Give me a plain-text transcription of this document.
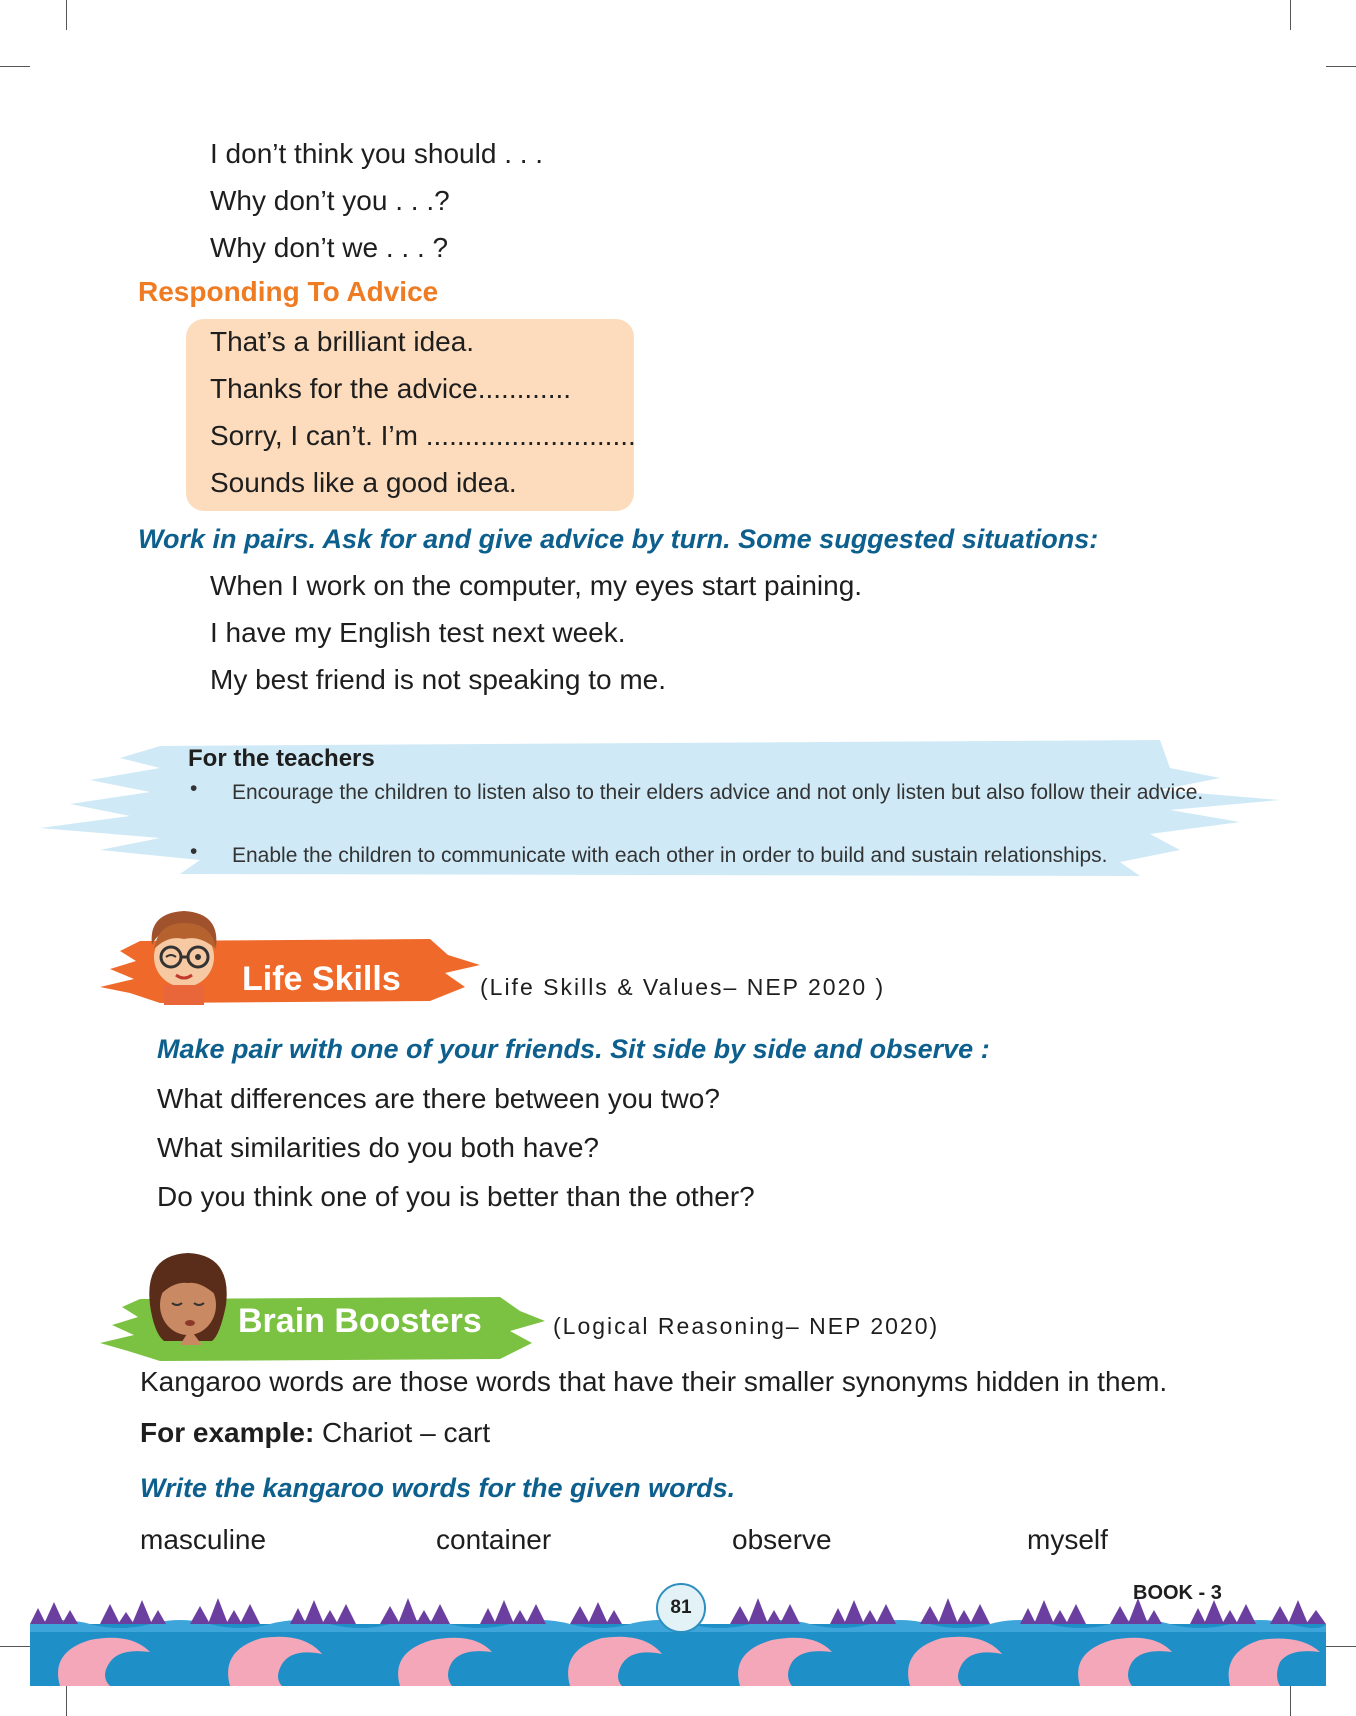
I don’t think you should . . .
Why don’t you . . .?
Why don’t we . . . ?
Responding To Advice
That’s a brilliant idea.
Thanks for the advice............
Sorry, I can’t. I’m ...........................
Sounds like a good idea.
Work in pairs. Ask for and give advice by turn. Some suggested situations:
When I work on the computer, my eyes start paining.
I have my English test next week.
My best friend is not speaking to me.
For the teachers
• Encourage the children to listen also to their elders advice and not only listen but also follow their advice.
• Enable the children to communicate with each other in order to build and sustain relationships.
Life Skills	(Life Skills & Values– NEP 2020 )
Make pair with one of your friends. Sit side by side and observe :
What differences are there between you two?
What similarities do you both have?
Do you think one of you is better than the other?
Brain Boosters	(Logical Reasoning– NEP 2020)
Kangaroo words are those words that have their smaller synonyms hidden in them.
For example: Chariot – cart
Write the kangaroo words for the given words.
masculine	container	observe	myself
81
BOOK - 3
